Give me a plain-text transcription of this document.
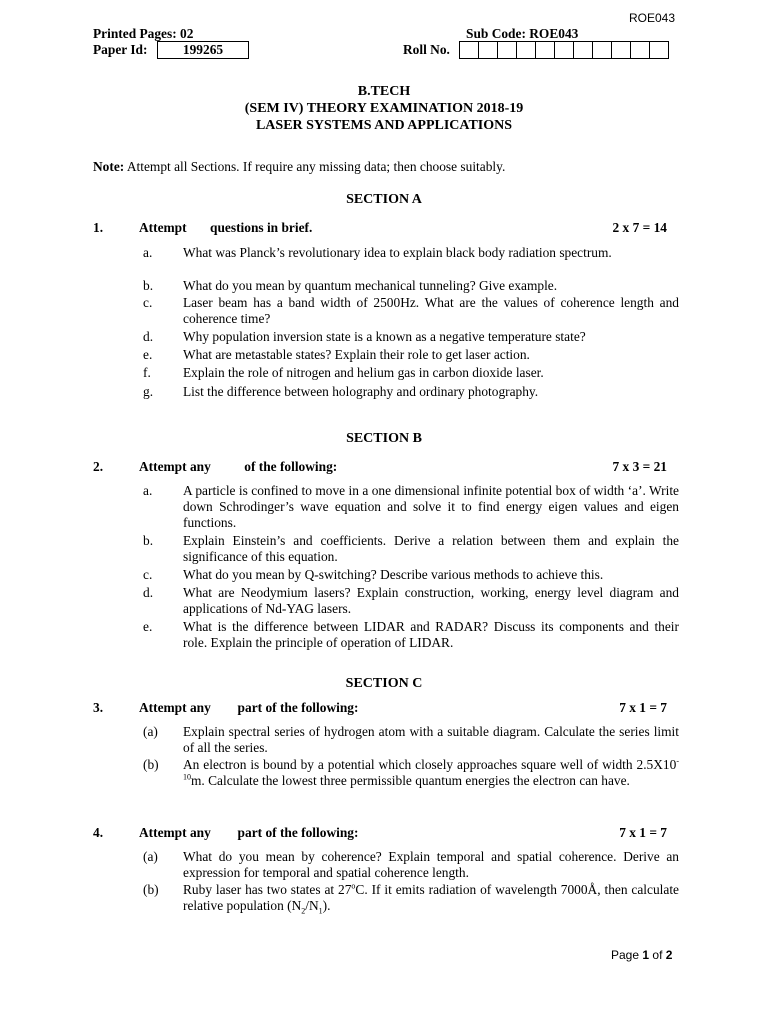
ROE043
Printed Pages: 02	Sub Code: ROE043
Paper Id:	199265	Roll No.
B.TECH
(SEM IV) THEORY EXAMINATION 2018-19
LASER SYSTEMS AND APPLICATIONS
Note: Attempt all Sections. If require any missing data; then choose suitably.
SECTION A
1.	Attempt       questions in brief.	2 x 7 = 14
a.	What was Planck’s revolutionary idea to explain black body radiation spectrum.
b.	What do you mean by quantum mechanical tunneling? Give example.
c.	Laser beam has a band width of 2500Hz. What are the values of coherence length and coherence time?
d.	Why population inversion state is a known as a negative temperature state?
e.	What are metastable states? Explain their role to get laser action.
f.	Explain the role of nitrogen and helium gas in carbon dioxide laser.
g.	List the difference between holography and ordinary photography.
SECTION B
2.	Attempt any          of the following:	7 x 3 = 21
a.	A particle is confined to move in a one dimensional infinite potential box of width ‘a’. Write down Schrodinger’s wave equation and solve it to find energy eigen values and eigen functions.
b.	Explain Einstein’s and coefficients. Derive a relation between them and explain the significance of this equation.
c.	What do you mean by Q-switching? Describe various methods to achieve this.
d.	What are Neodymium lasers? Explain construction, working, energy level diagram and applications of Nd-YAG lasers.
e.	What is the difference between LIDAR and RADAR? Discuss its components and their role. Explain the principle of operation of LIDAR.
SECTION C
3.	Attempt any        part of the following:	7 x 1 = 7
(a)	Explain spectral series of hydrogen atom with a suitable diagram. Calculate the series limit of all the series.
(b)	An electron is bound by a potential which closely approaches square well of width $2.5X10^{-10}m$. Calculate the lowest three permissible quantum energies the electron can have.
4.	Attempt any        part of the following:	7 x 1 = 7
(a)	What do you mean by coherence? Explain temporal and spatial coherence. Derive an expression for temporal and spatial coherence length.
(b)	Ruby laser has two states at 27$^o$C. If it emits radiation of wavelength 7000Å, then calculate relative population $(N_2/N_1)$.
Page 1 of 2
